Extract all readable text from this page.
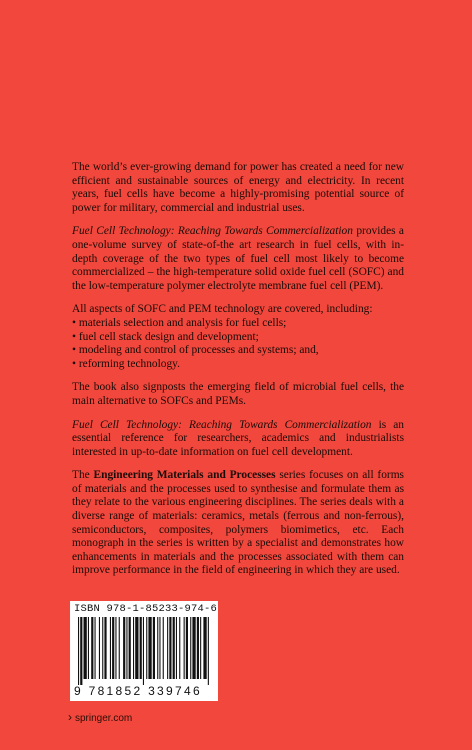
The world’s ever-growing demand for power has created a need for new efficient and sustainable sources of energy and electricity. In recent years, fuel cells have become a highly-promising potential source of power for military, commercial and industrial uses.

Fuel Cell Technology: Reaching Towards Commercialization provides a one-volume survey of state-of-the art research in fuel cells, with in-depth coverage of the two types of fuel cell most likely to become commercialized – the high-temperature solid oxide fuel cell (SOFC) and the low-temperature polymer electrolyte membrane fuel cell (PEM).

All aspects of SOFC and PEM technology are covered, including:

• materials selection and analysis for fuel cells;
• fuel cell stack design and development;
• modeling and control of processes and systems; and,
• reforming technology.

The book also signposts the emerging field of microbial fuel cells, the main alternative to SOFCs and PEMs.

Fuel Cell Technology: Reaching Towards Commercialization is an essential reference for researchers, academics and industrialists interested in up-to-date information on fuel cell development.

The Engineering Materials and Processes series focuses on all forms of materials and the processes used to synthesise and formulate them as they relate to the various engineering disciplines. The series deals with a diverse range of materials: ceramics, metals (ferrous and non-ferrous), semiconductors, composites, polymers biomimetics, etc. Each monograph in the series is written by a specialist and demonstrates how enhancements in materials and the processes associated with them can improve performance in the field of engineering in which they are used.

ISBN 978-1-85233-974-6
9 781852 339746
› springer.com
